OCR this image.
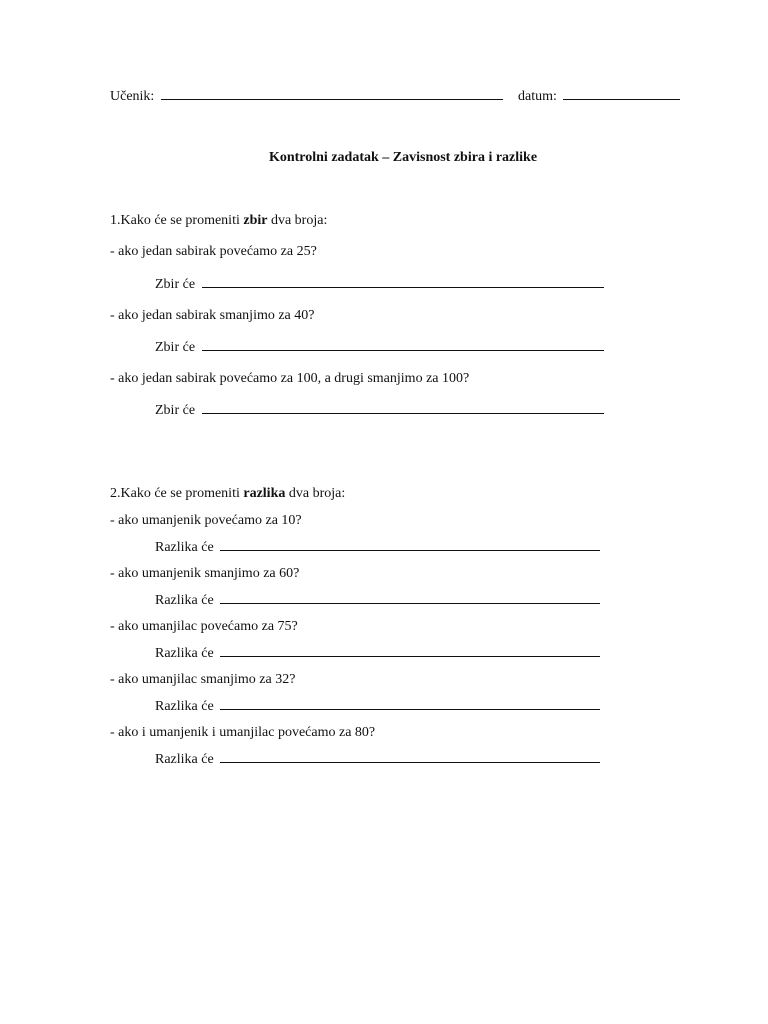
Učenik:	datum:
Kontrolni zadatak – Zavisnost zbira i razlike
1.Kako će se promeniti zbir dva broja:
- ako jedan sabirak povećamo za 25?
Zbir će
- ako jedan sabirak smanjimo za 40?
Zbir će
- ako jedan sabirak povećamo za 100, a drugi smanjimo za 100?
Zbir će
2.Kako će se promeniti razlika dva broja:
- ako umanjenik povećamo za 10?
Razlika će
- ako umanjenik smanjimo za 60?
Razlika će
- ako umanjilac povećamo za 75?
Razlika će
- ako umanjilac smanjimo za 32?
Razlika će
- ako i umanjenik i umanjilac povećamo za 80?
Razlika će
